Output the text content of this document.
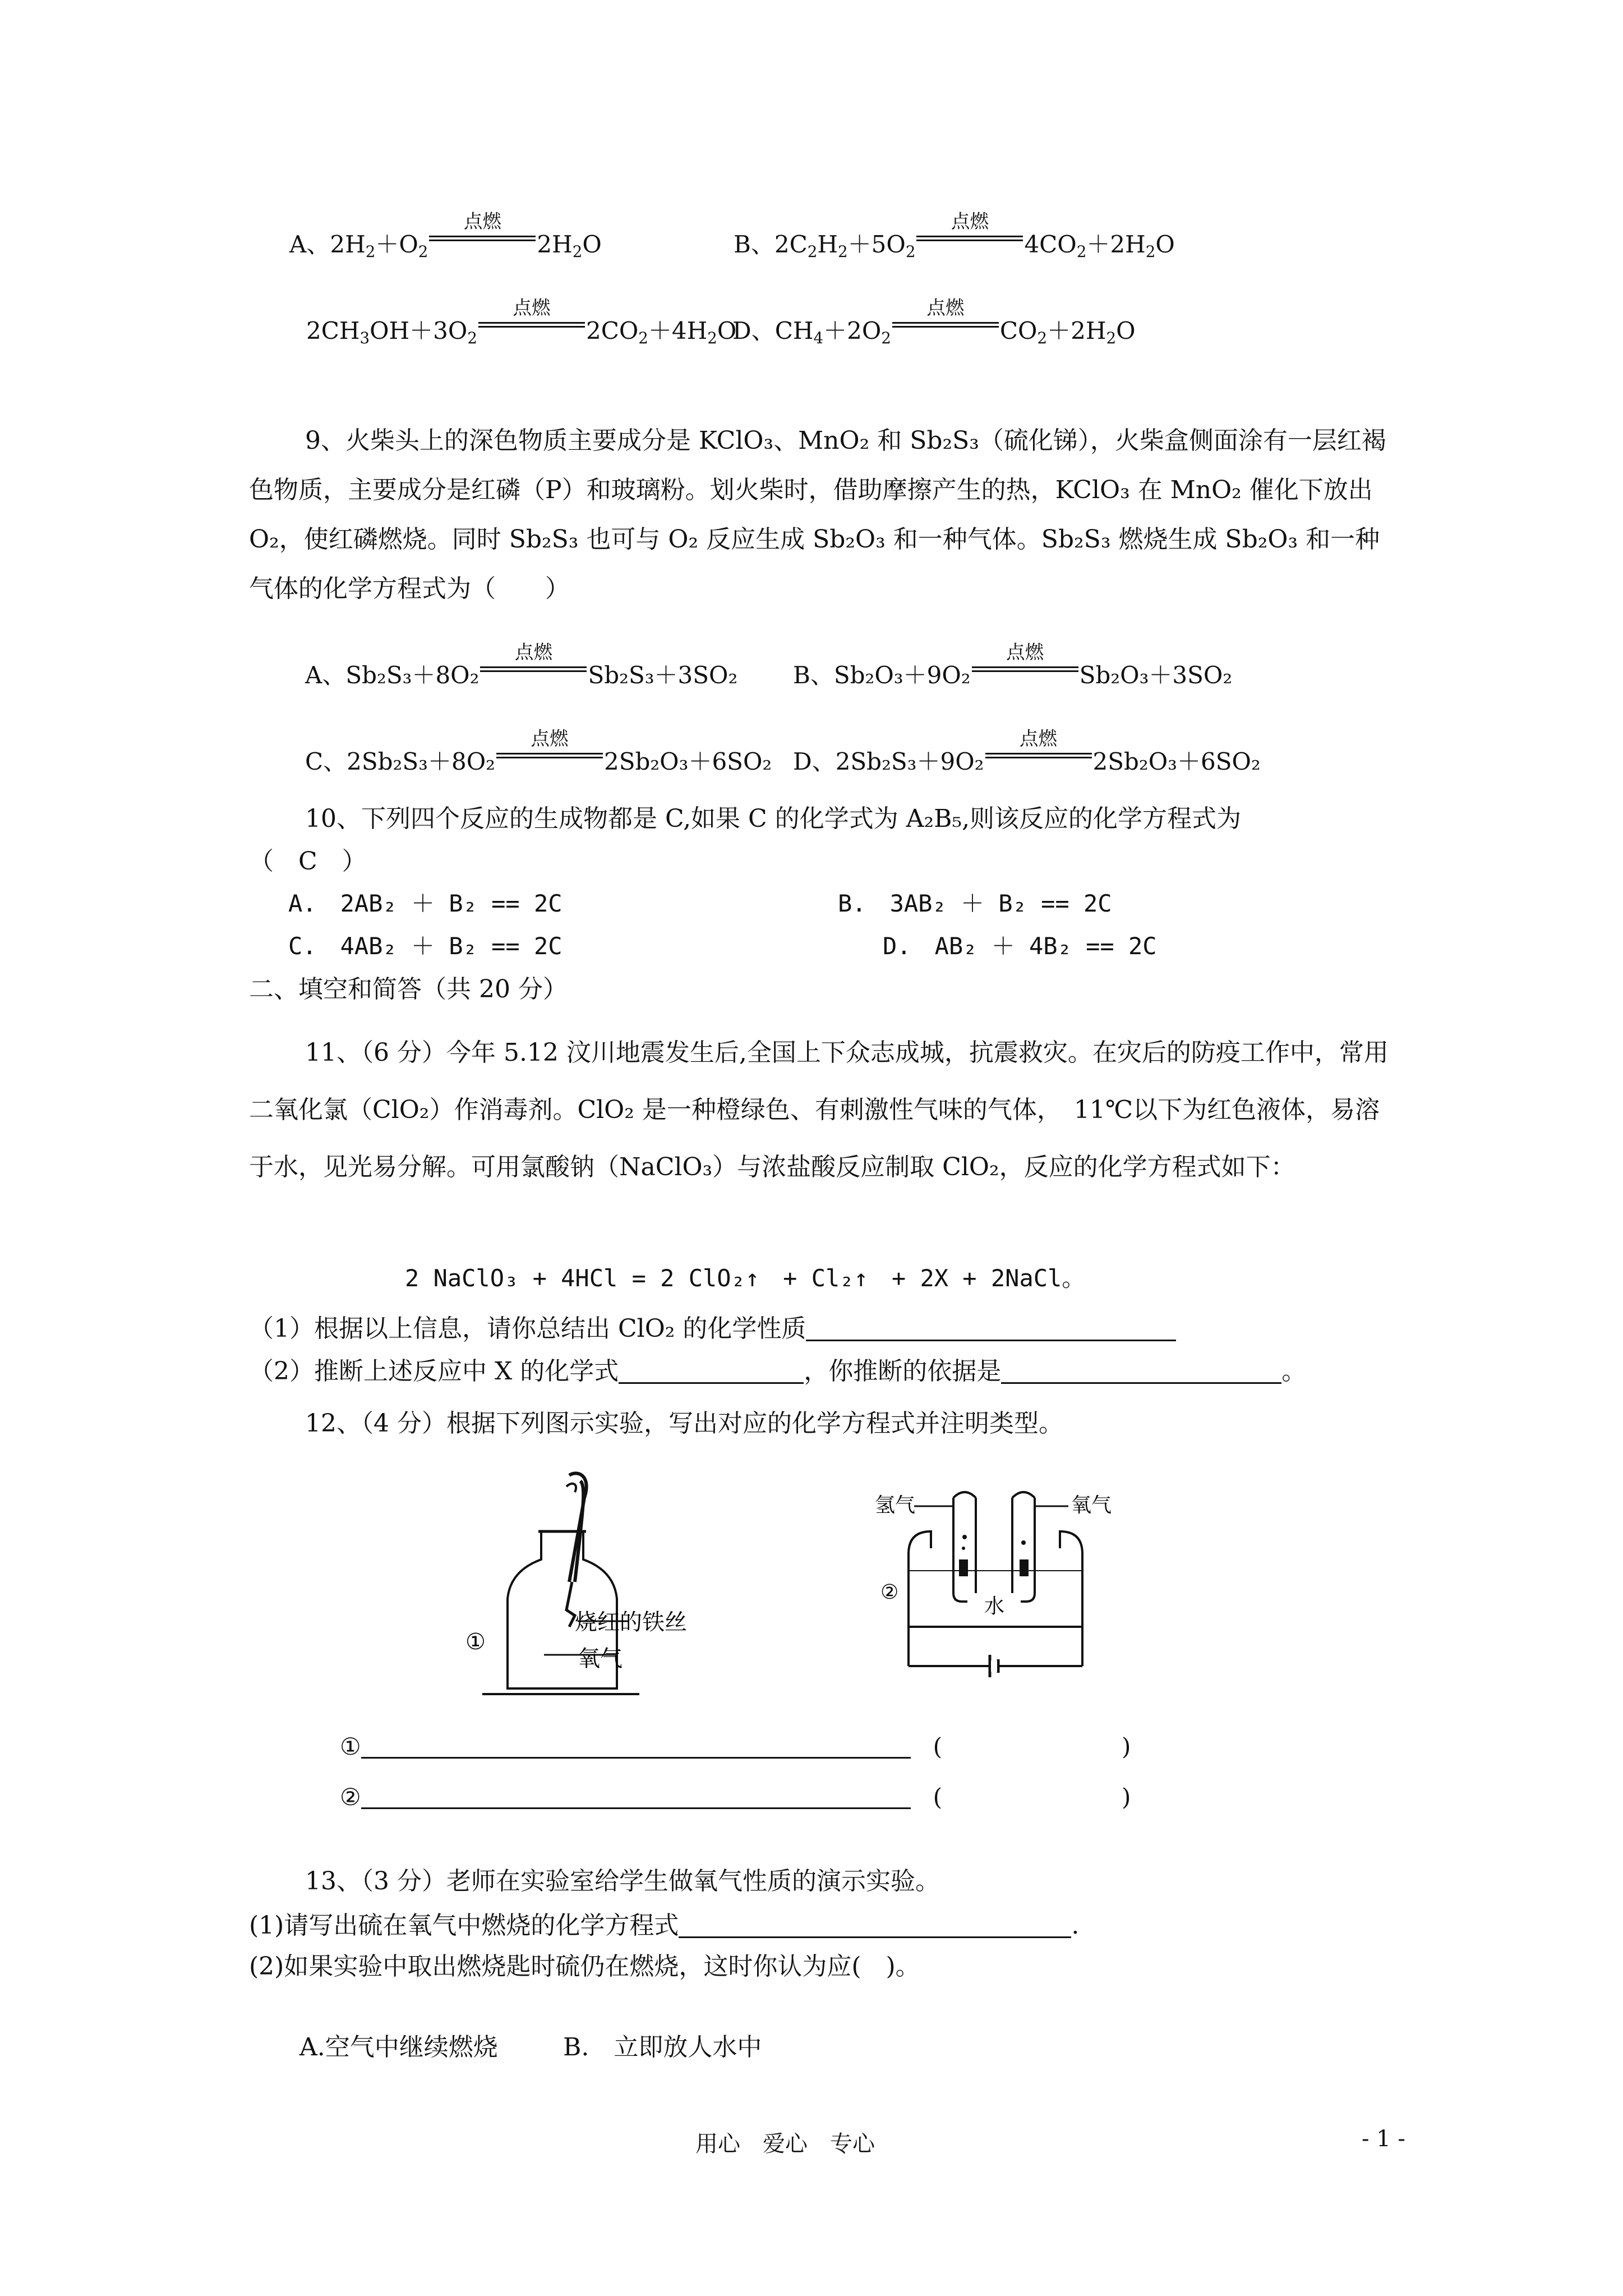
A、$2H_2+O_2$
点燃
$2H_2O$	B、$2C_2H_2+5O_2$
点燃
$4CO_2+2H_2O$
$2CH_3OH+3O_2$
点燃
$2CO_2+4H_2O$
D、$CH_4+2O_2$
点燃
$CO_2+2H_2O$
9、火柴头上的深色物质主要成分是 KClO₃、MnO₂ 和 Sb₂S₃（硫化锑），火柴盒侧面涂有一层红褐色物质，主要成分是红磷（P）和玻璃粉。划火柴时，借助摩擦产生的热，KClO₃ 在 MnO₂ 催化下放出 O₂，使红磷燃烧。同时 Sb₂S₃ 也可与 O₂ 反应生成 Sb₂O₃ 和一种气体。Sb₂S₃ 燃烧生成 Sb₂O₃ 和一种气体的化学方程式为（　　）
A、Sb₂S₃＋8O₂
点燃
Sb₂S₃＋3SO₂ B、Sb₂O₃＋9O₂
点燃
Sb₂O₃＋3SO₂
C、2Sb₂S₃＋8O₂
点燃
2Sb₂O₃＋6SO₂ D、2Sb₂S₃＋9O₂
点燃
2Sb₂O₃＋6SO₂
10、下列四个反应的生成物都是 C,如果 C 的化学式为 A₂B₅,则该反应的化学方程式为
（　C　）
A.　2AB₂ ＋ B₂ == 2C	B.　3AB₂ ＋ B₂ == 2C
C.　4AB₂ ＋ B₂ == 2C	D.　AB₂ ＋ 4B₂ == 2C
二、填空和简答（共 20 分）
11、（6 分）今年 5.12 汶川地震发生后,全国上下众志成城，抗震救灾。在灾后的防疫工作中，常用二氧化氯（ClO₂）作消毒剂。ClO₂ 是一种橙绿色、有刺激性气味的气体，　11℃以下为红色液体，易溶于水，见光易分解。可用氯酸钠（NaClO₃）与浓盐酸反应制取 ClO₂，反应的化学方程式如下：
2 NaClO₃ + 4HCl = 2 ClO₂↑　+ Cl₂↑　+ 2X + 2NaCl。
（1）根据以上信息，请你总结出 ClO₂ 的化学性质
（2）推断上述反应中 X 的化学式	，你推断的依据是	。
12、（4 分）根据下列图示实验，写出对应的化学方程式并注明类型。
①
烧红的铁丝
氧气
氢气	氧气
水
②
①	(	)
②	(	)
13、（3 分）老师在实验室给学生做氧气性质的演示实验。
(1)请写出硫在氧气中燃烧的化学方程式	.
(2)如果实验中取出燃烧匙时硫仍在燃烧，这时你认为应(　)。
A.空气中继续燃烧	B.　立即放人水中
用心　爱心　专心	- 1 -
